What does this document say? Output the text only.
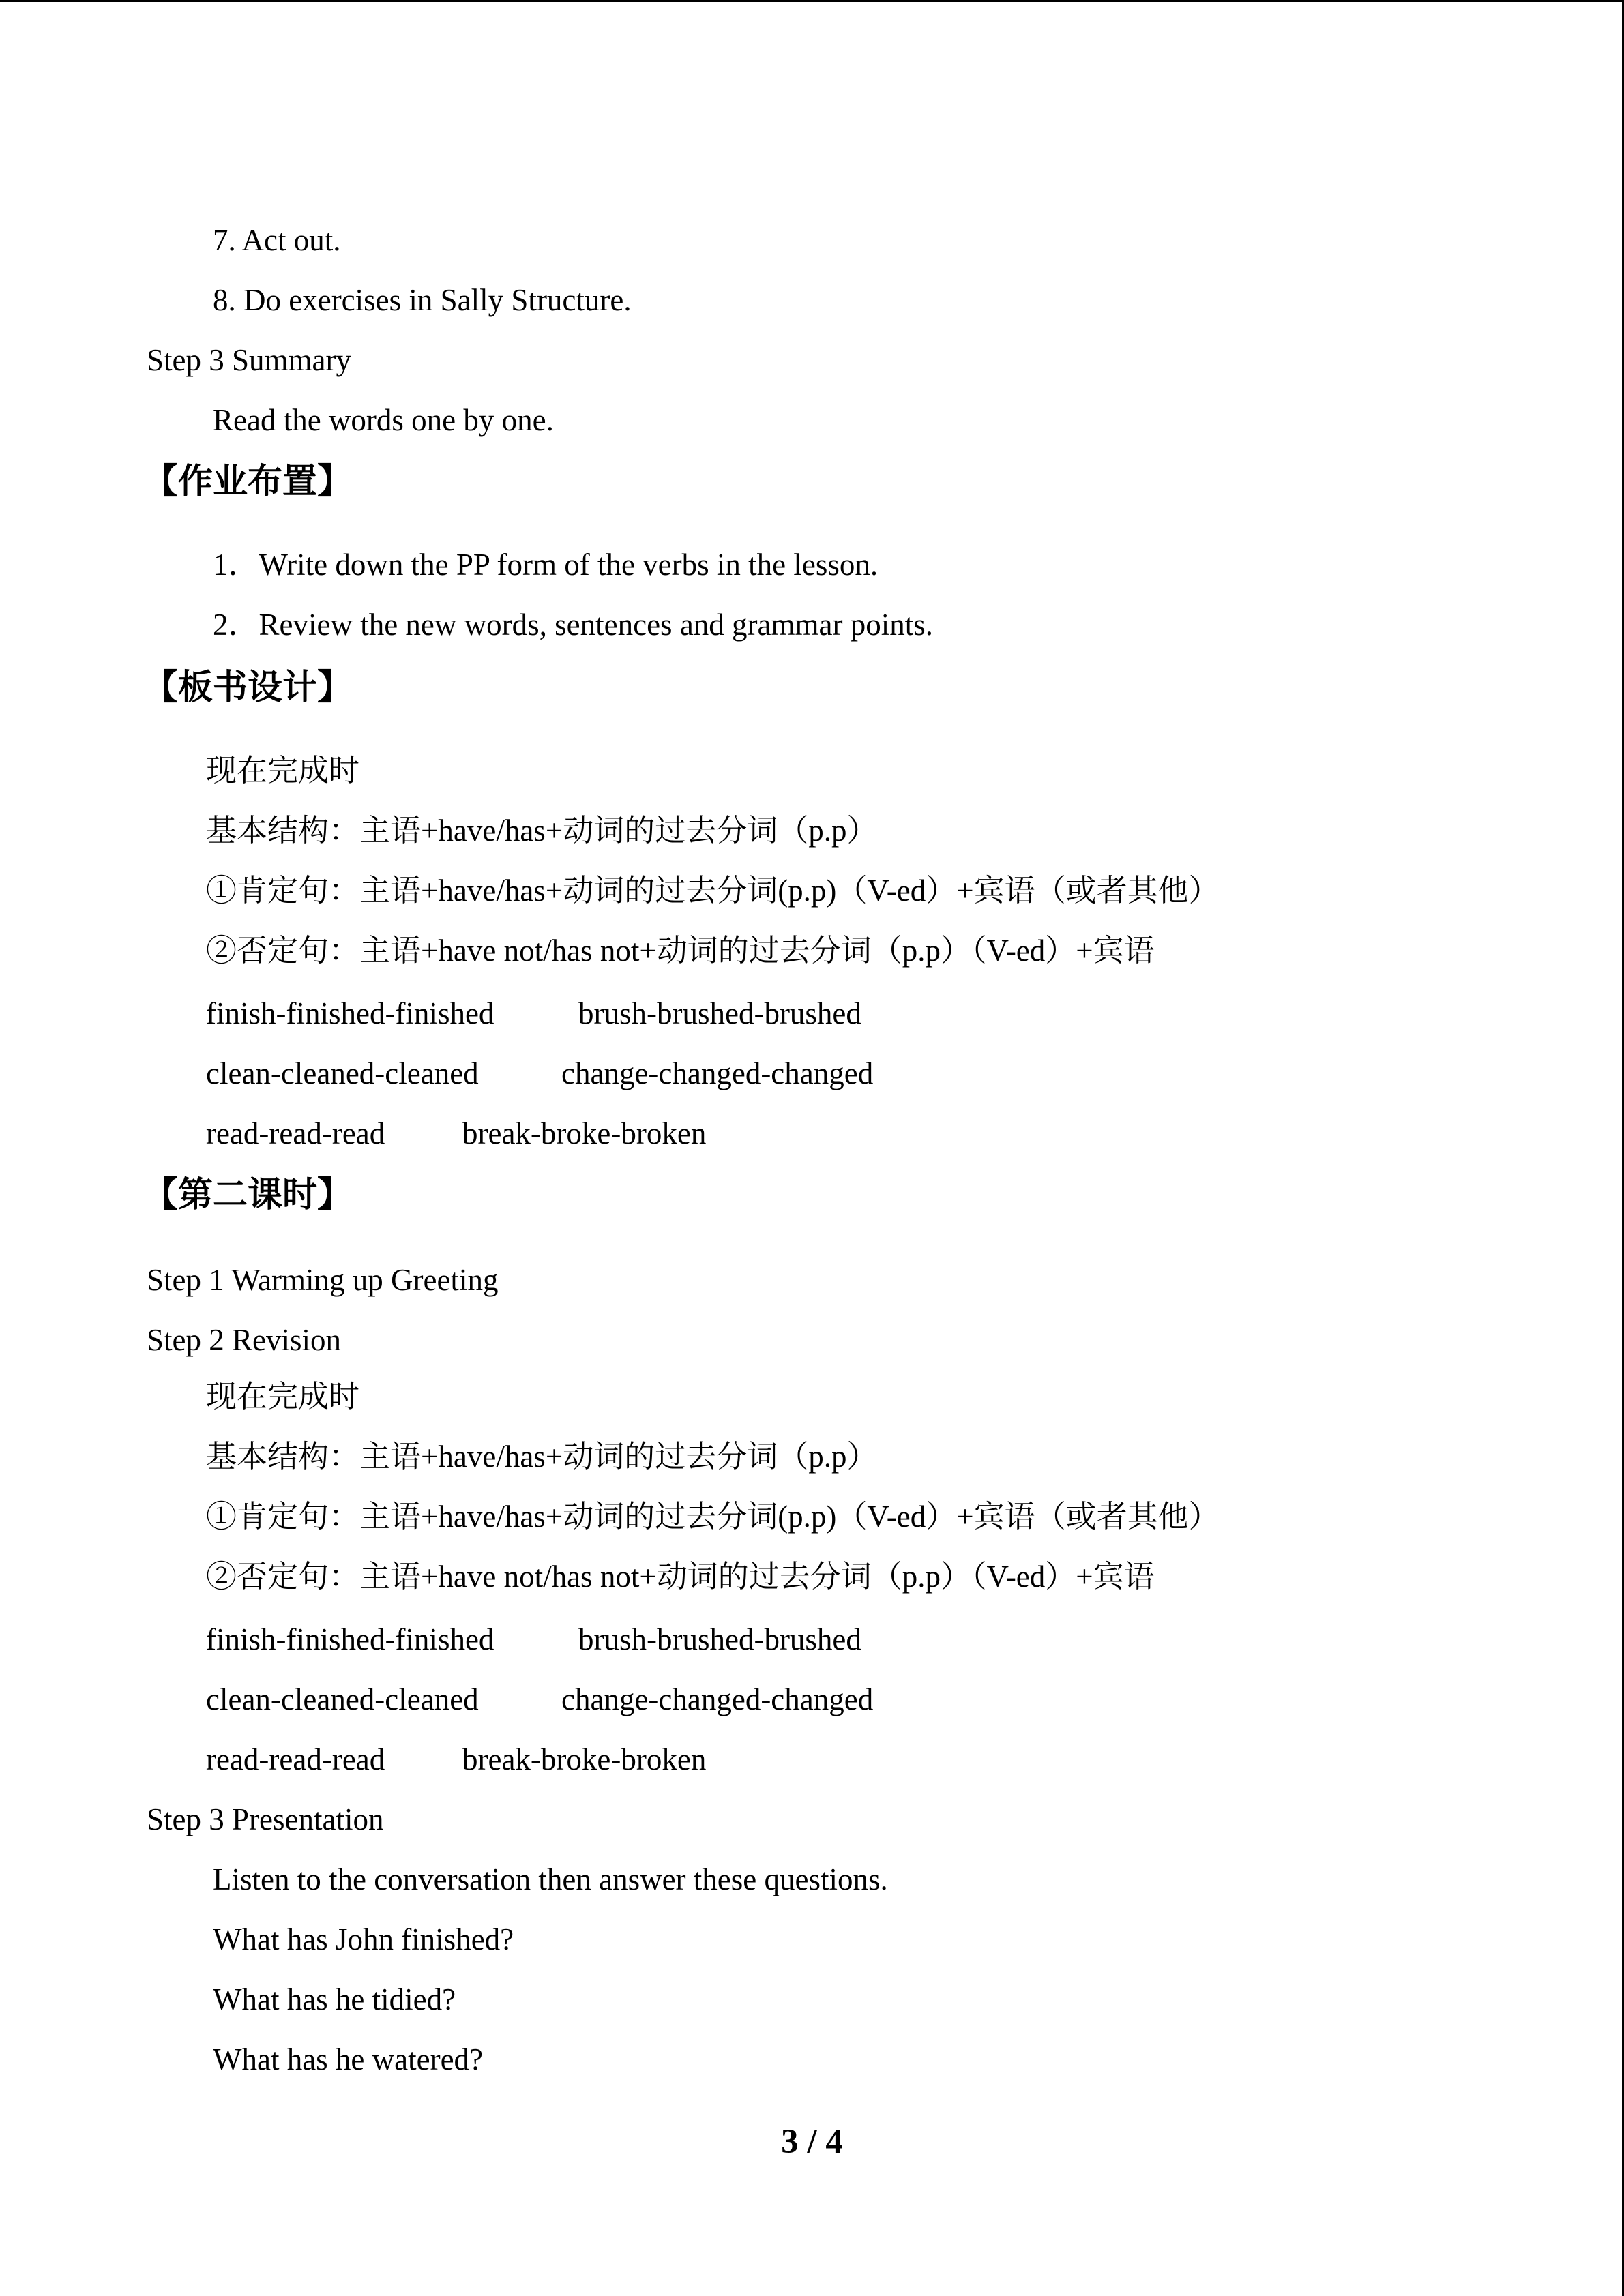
7. Act out.
8. Do exercises in Sally Structure.
Step 3 Summary
Read the words one by one.
【作业布置】
1．Write down the PP form of the verbs in the lesson.
2．Review the new words, sentences and grammar points.
【板书设计】
现在完成时
基本结构：主语+have/has+动词的过去分词（p.p）
①肯定句：主语+have/has+动词的过去分词(p.p)（V-ed）+宾语（或者其他）
②否定句：主语+have not/has not+动词的过去分词（p.p）（V-ed）+宾语
finish-finished-finished	brush-brushed-brushed
clean-cleaned-cleaned	change-changed-changed
read-read-read	break-broke-broken
【第二课时】
Step 1 Warming up Greeting
Step 2 Revision
现在完成时
基本结构：主语+have/has+动词的过去分词（p.p）
①肯定句：主语+have/has+动词的过去分词(p.p)（V-ed）+宾语（或者其他）
②否定句：主语+have not/has not+动词的过去分词（p.p）（V-ed）+宾语
finish-finished-finished	brush-brushed-brushed
clean-cleaned-cleaned	change-changed-changed
read-read-read	break-broke-broken
Step 3 Presentation
Listen to the conversation then answer these questions.
What has John finished?
What has he tidied?
What has he watered?
3 / 4
